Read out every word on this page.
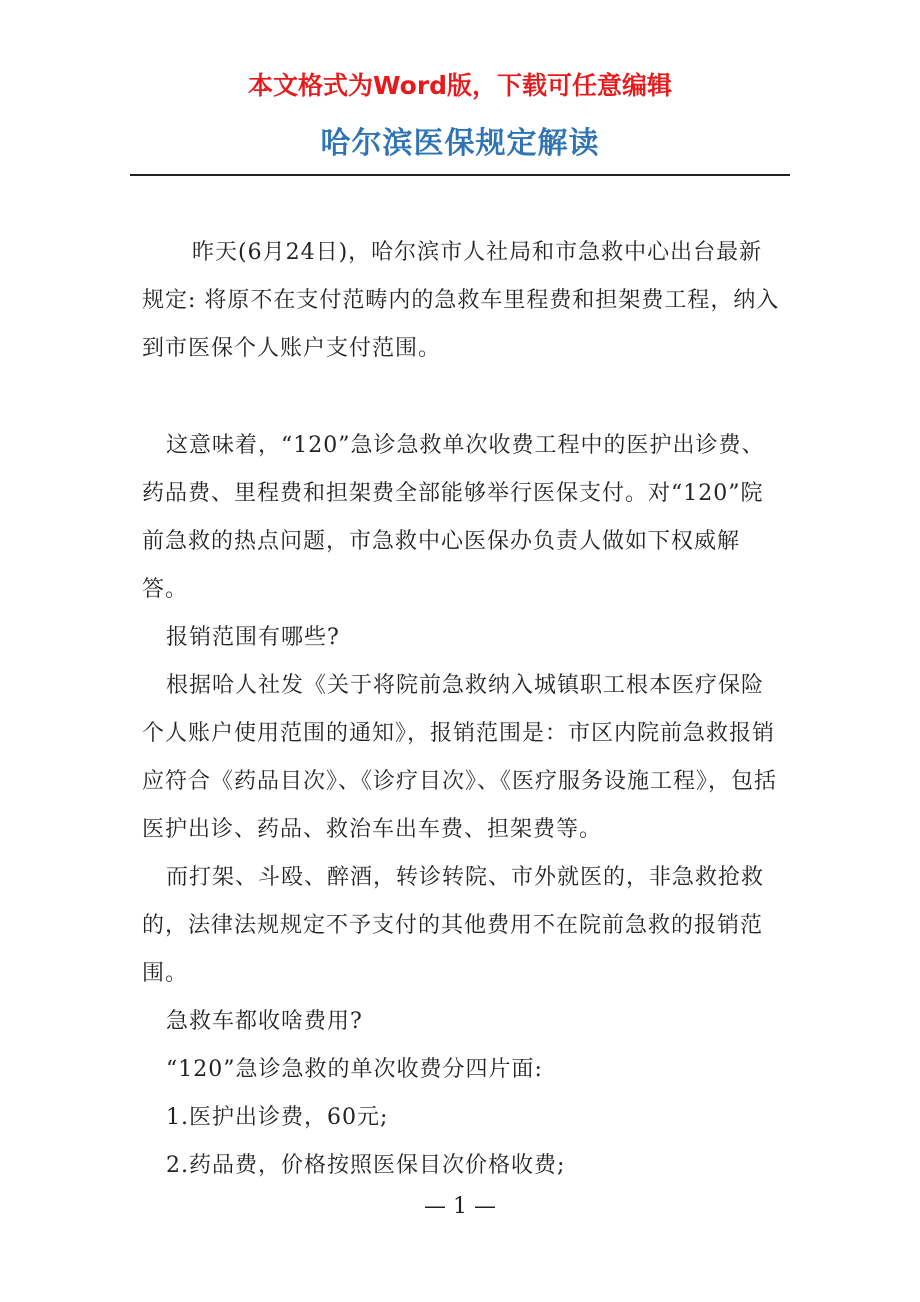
本文格式为Word版，下载可任意编辑
哈尔滨医保规定解读

昨天(6月24日)，哈尔滨市人社局和市急救中心出台最新规定: 将原不在支付范畴内的急救车里程费和担架费工程，纳入到市医保个人账户支付范围。

这意味着，“120”急诊急救单次收费工程中的医护出诊费、药品费、里程费和担架费全部能够举行医保支付。对“120”院前急救的热点问题，市急救中心医保办负责人做如下权威解答。

报销范围有哪些?

根据哈人社发《关于将院前急救纳入城镇职工根本医疗保险个人账户使用范围的通知》，报销范围是：市区内院前急救报销应符合《药品目次》、《诊疗目次》、《医疗服务设施工程》，包括医护出诊、药品、救治车出车费、担架费等。

而打架、斗殴、醉酒，转诊转院、市外就医的，非急救抢救的，法律法规规定不予支付的其他费用不在院前急救的报销范围。

急救车都收啥费用?

“120”急诊急救的单次收费分四片面:

1.医护出诊费，60元;

2.药品费，价格按照医保目次价格收费;

— 1 —
